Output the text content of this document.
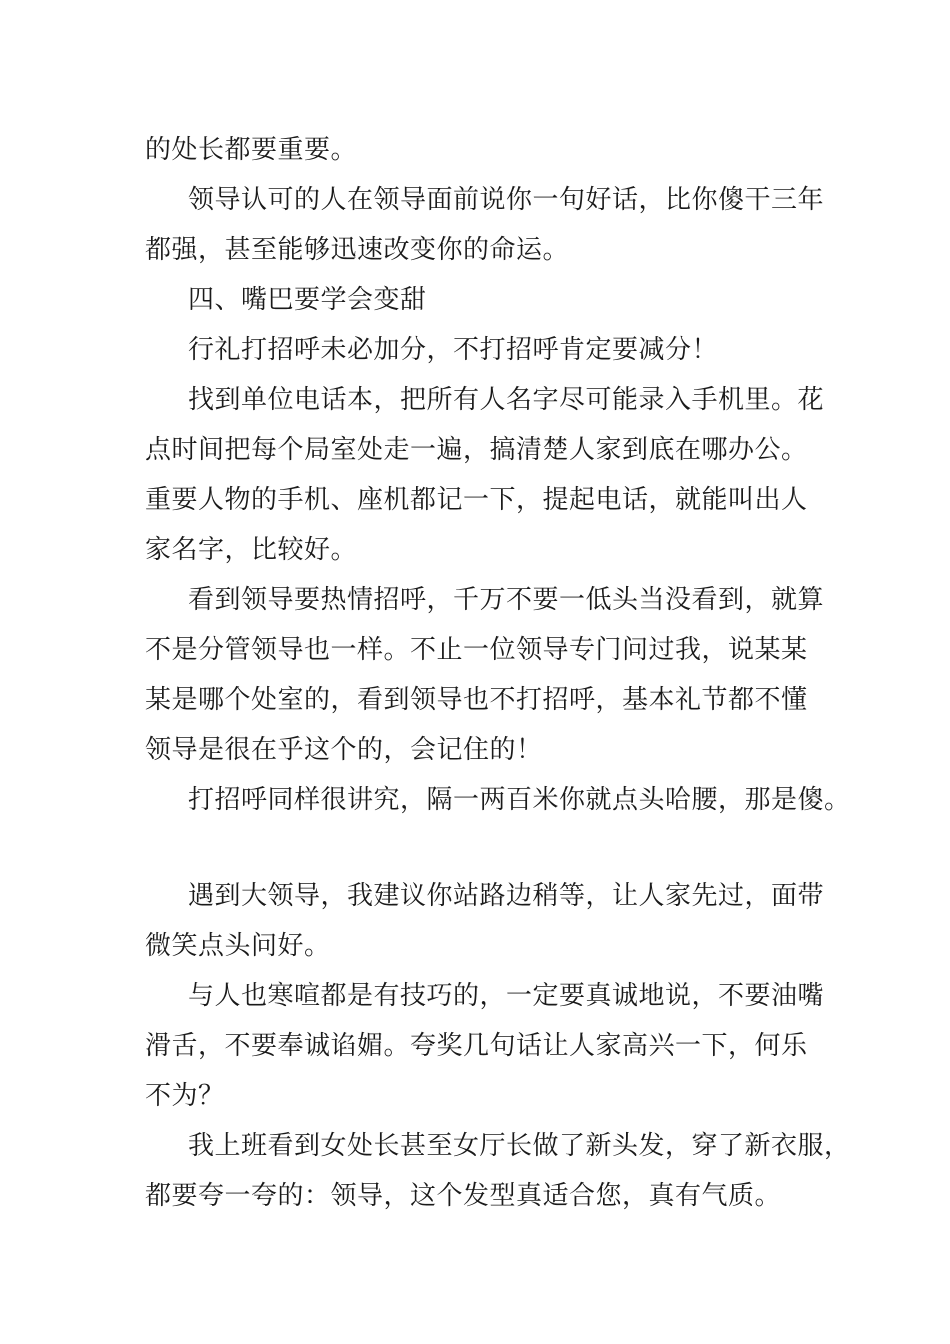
的处长都要重要。

领导认可的人在领导面前说你一句好话，比你傻干三年

都强，甚至能够迅速改变你的命运。

四、嘴巴要学会变甜

行礼打招呼未必加分，不打招呼肯定要减分！

找到单位电话本，把所有人名字尽可能录入手机里。花

点时间把每个局室处走一遍，搞清楚人家到底在哪办公。

重要人物的手机、座机都记一下，提起电话，就能叫出人

家名字，比较好。

看到领导要热情招呼，千万不要一低头当没看到，就算

不是分管领导也一样。不止一位领导专门问过我，说某某

某是哪个处室的，看到领导也不打招呼，基本礼节都不懂

领导是很在乎这个的，会记住的！

打招呼同样很讲究，隔一两百米你就点头哈腰，那是傻。

遇到大领导，我建议你站路边稍等，让人家先过，面带

微笑点头问好。

与人也寒喧都是有技巧的，一定要真诚地说，不要油嘴

滑舌，不要奉诚谄媚。夸奖几句话让人家高兴一下，何乐

不为？

我上班看到女处长甚至女厅长做了新头发，穿了新衣服，

都要夸一夸的：领导，这个发型真适合您，真有气质。
